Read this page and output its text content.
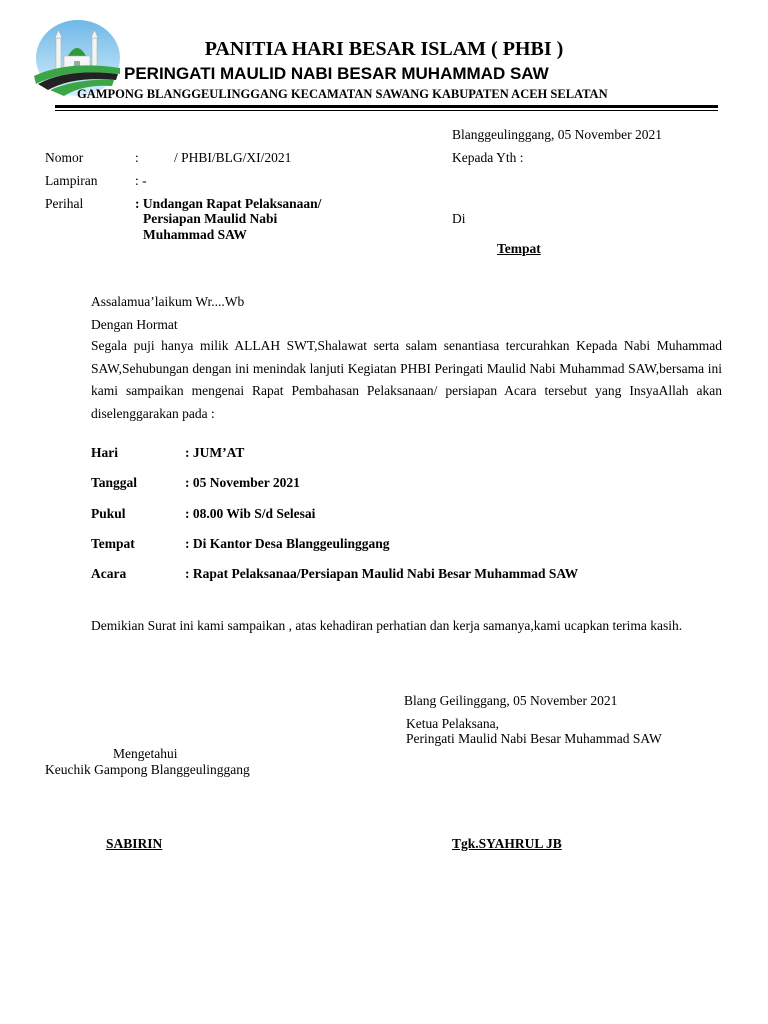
PANITIA HARI BESAR ISLAM ( PHBI )
PERINGATI MAULID NABI BESAR MUHAMMAD SAW
GAMPONG BLANGGEULINGGANG KECAMATAN SAWANG KABUPATEN ACEH SELATAN
Blanggeulinggang, 05 November 2021
Nomor	:	/ PHBI/BLG/XI/2021	Kepada Yth :
Lampiran	: -
Perihal	: Undangan Rapat Pelaksanaan/
Persiapan Maulid Nabi
Muhammad SAW
Di
Tempat
Assalamua’laikum Wr....Wb
Dengan Hormat
Segala puji hanya milik ALLAH SWT,Shalawat serta salam senantiasa tercurahkan Kepada Nabi Muhammad SAW,Sehubungan dengan ini menindak lanjuti Kegiatan PHBI Peringati Maulid Nabi Muhammad SAW,bersama ini kami sampaikan mengenai Rapat Pembahasan Pelaksanaan/ persiapan Acara tersebut yang InsyaAllah akan diselenggarakan pada :
Hari	: JUM’AT
Tanggal	: 05 November 2021
Pukul	: 08.00 Wib S/d Selesai
Tempat	: Di Kantor Desa Blanggeulinggang
Acara	: Rapat Pelaksanaa/Persiapan Maulid Nabi Besar Muhammad SAW
Demikian Surat ini kami sampaikan , atas kehadiran perhatian dan kerja samanya,kami ucapkan terima kasih.
Blang Geilinggang, 05 November 2021
Ketua Pelaksana,
Peringati Maulid Nabi Besar Muhammad SAW
Mengetahui
Keuchik Gampong Blanggeulinggang
SABIRIN	Tgk.SYAHRUL JB
